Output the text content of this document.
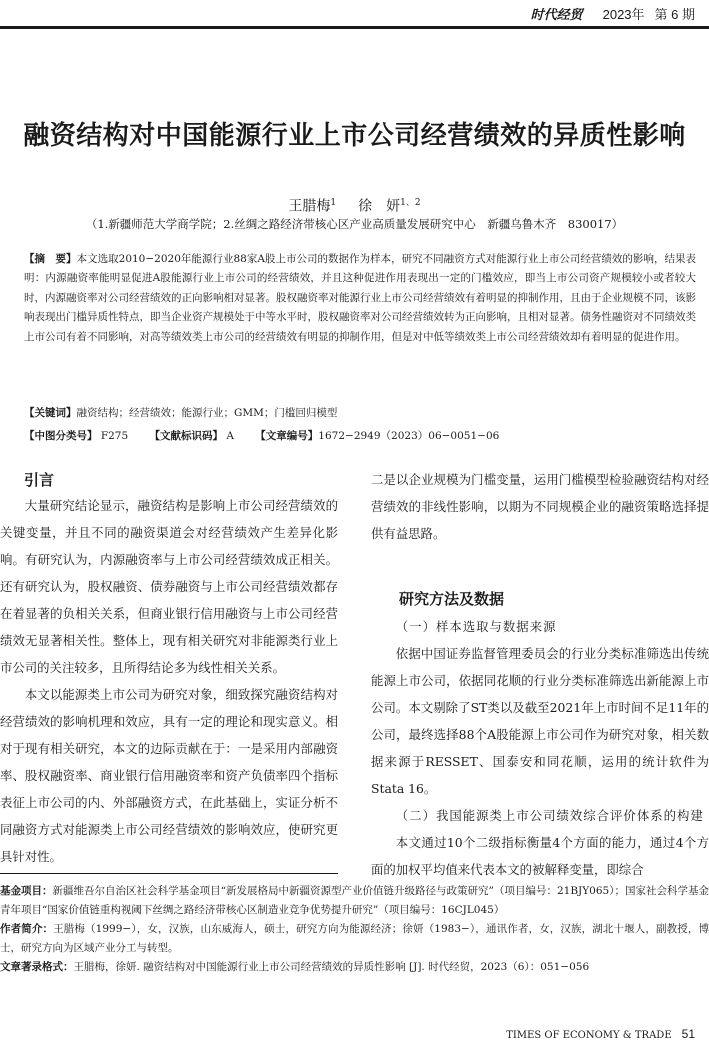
时代经贸 2023年 第 6 期
融资结构对中国能源行业上市公司经营绩效的异质性影响
王腊梅$^1$ 徐　妍$^{1、2}$
（1.新疆师范大学商学院；2.丝绸之路经济带核心区产业高质量发展研究中心　新疆乌鲁木齐　830017）
【摘　要】本文选取2010−2020年能源行业88家A股上市公司的数据作为样本，研究不同融资方式对能源行业上市公司经营绩效的影响，结果表明：内源融资率能明显促进A股能源行业上市公司的经营绩效，并且这种促进作用表现出一定的门槛效应，即当上市公司资产规模较小或者较大时，内源融资率对公司经营绩效的正向影响相对显著。股权融资率对能源行业上市公司经营绩效有着明显的抑制作用，且由于企业规模不同，该影响表现出门槛异质性特点，即当企业资产规模处于中等水平时，股权融资率对公司经营绩效转为正向影响，且相对显著。债务性融资对不同绩效类上市公司有着不同影响，对高等绩效类上市公司的经营绩效有明显的抑制作用，但是对中低等绩效类上市公司经营绩效却有着明显的促进作用。
【关键词】融资结构；经营绩效；能源行业；GMM；门槛回归模型
【中图分类号】 F275 【文献标识码】 A 【文章编号】1672−2949（2023）06−0051−06
引言

大量研究结论显示，融资结构是影响上市公司经营绩效的关键变量，并且不同的融资渠道会对经营绩效产生差异化影响。有研究认为，内源融资率与上市公司经营绩效成正相关。还有研究认为，股权融资、债券融资与上市公司经营绩效都存在着显著的负相关关系，但商业银行信用融资与上市公司经营绩效无显著相关性。整体上，现有相关研究对非能源类行业上市公司的关注较多，且所得结论多为线性相关关系。

本文以能源类上市公司为研究对象，细致探究融资结构对经营绩效的影响机理和效应，具有一定的理论和现实意义。相对于现有相关研究，本文的边际贡献在于：一是采用内部融资率、股权融资率、商业银行信用融资率和资产负债率四个指标表征上市公司的内、外部融资方式，在此基础上，实证分析不同融资方式对能源类上市公司经营绩效的影响效应，使研究更具针对性。

二是以企业规模为门槛变量，运用门槛模型检验融资结构对经营绩效的非线性影响，以期为不同规模企业的融资策略选择提供有益思路。

研究方法及数据

（一）样本选取与数据来源

依据中国证券监督管理委员会的行业分类标准筛选出传统能源上市公司，依据同花顺的行业分类标准筛选出新能源上市公司。本文剔除了ST类以及截至2021年上市时间不足11年的公司，最终选择88个A股能源上市公司作为研究对象，相关数据来源于RESSET、国泰安和同花顺，运用的统计软件为Stata 16。

（二）我国能源类上市公司绩效综合评价体系的构建

本文通过10个二级指标衡量4个方面的能力，通过4个方面的加权平均值来代表本文的被解释变量，即综合

基金项目：新疆维吾尔自治区社会科学基金项目“新发展格局中新疆资源型产业价值链升级路径与政策研究”（项目编号：21BJY065）；国家社会科学基金青年项目“国家价值链重构视阈下丝绸之路经济带核心区制造业竞争优势提升研究”（项目编号：16CJL045）

作者简介：王腊梅（1999−），女，汉族，山东威海人，硕士，研究方向为能源经济；徐妍（1983−），通讯作者，女，汉族，湖北十堰人，副教授，博士，研究方向为区域产业分工与转型。

文章著录格式：王腊梅，徐妍. 融资结构对中国能源行业上市公司经营绩效的异质性影响 [J]. 时代经贸，2023（6）：051−056

TIMES OF ECONOMY & TRADE 51
